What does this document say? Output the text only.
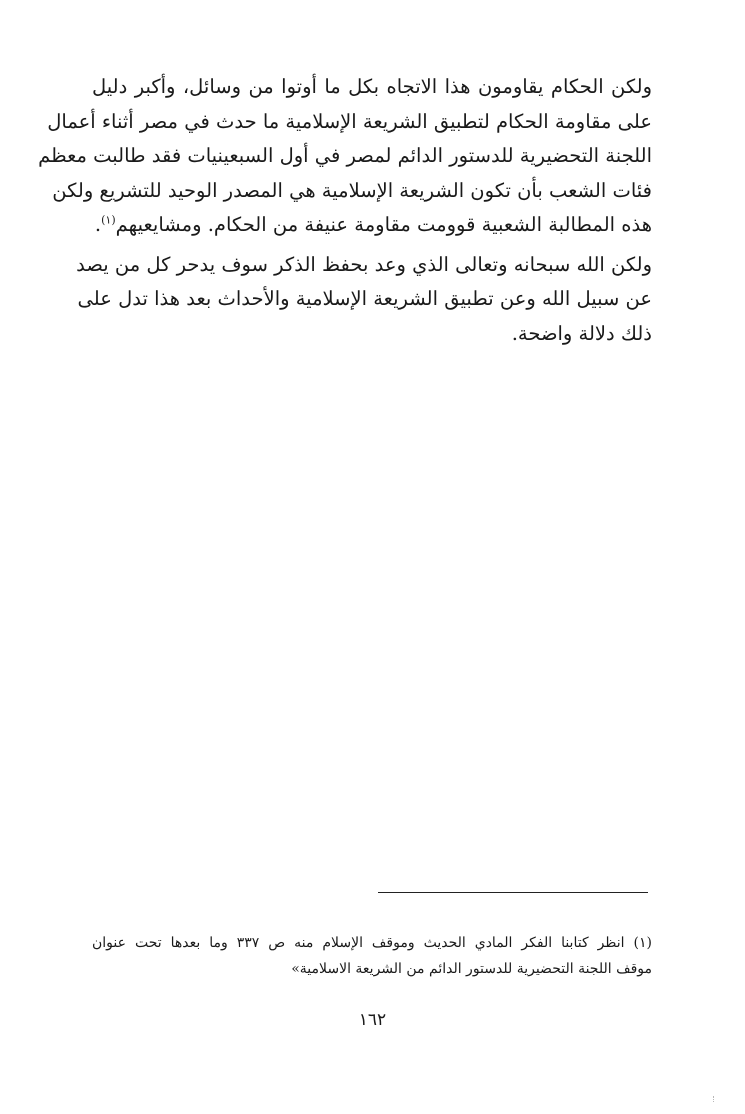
ولكن الحكام يقاومون هذا الاتجاه بكل ما أوتوا من وسائل، وأكبر دليل
على مقاومة الحكام لتطبيق الشريعة الإسلامية ما حدث في مصر أثناء أعمال
اللجنة التحضيرية للدستور الدائم لمصر في أول السبعينيات فقد طالبت معظم
فئات الشعب بأن تكون الشريعة الإسلامية هي المصدر الوحيد للتشريع ولكن
هذه المطالبة الشعبية قوومت مقاومة عنيفة من الحكام. ومشايعيهم$^{(١)}$.

ولكن الله سبحانه وتعالى الذي وعد بحفظ الذكر سوف يدحر كل من يصد
عن سبيل الله وعن تطبيق الشريعة الإسلامية والأحداث بعد هذا تدل على
ذلك دلالة واضحة.

(١) انظر كتابنا الفكر المادي الحديث وموقف الإسلام منه ص ٣٣٧ وما بعدها تحت عنوان
موقف اللجنة التحضيرية للدستور الدائم من الشريعة الاسلامية»

١٦٢
